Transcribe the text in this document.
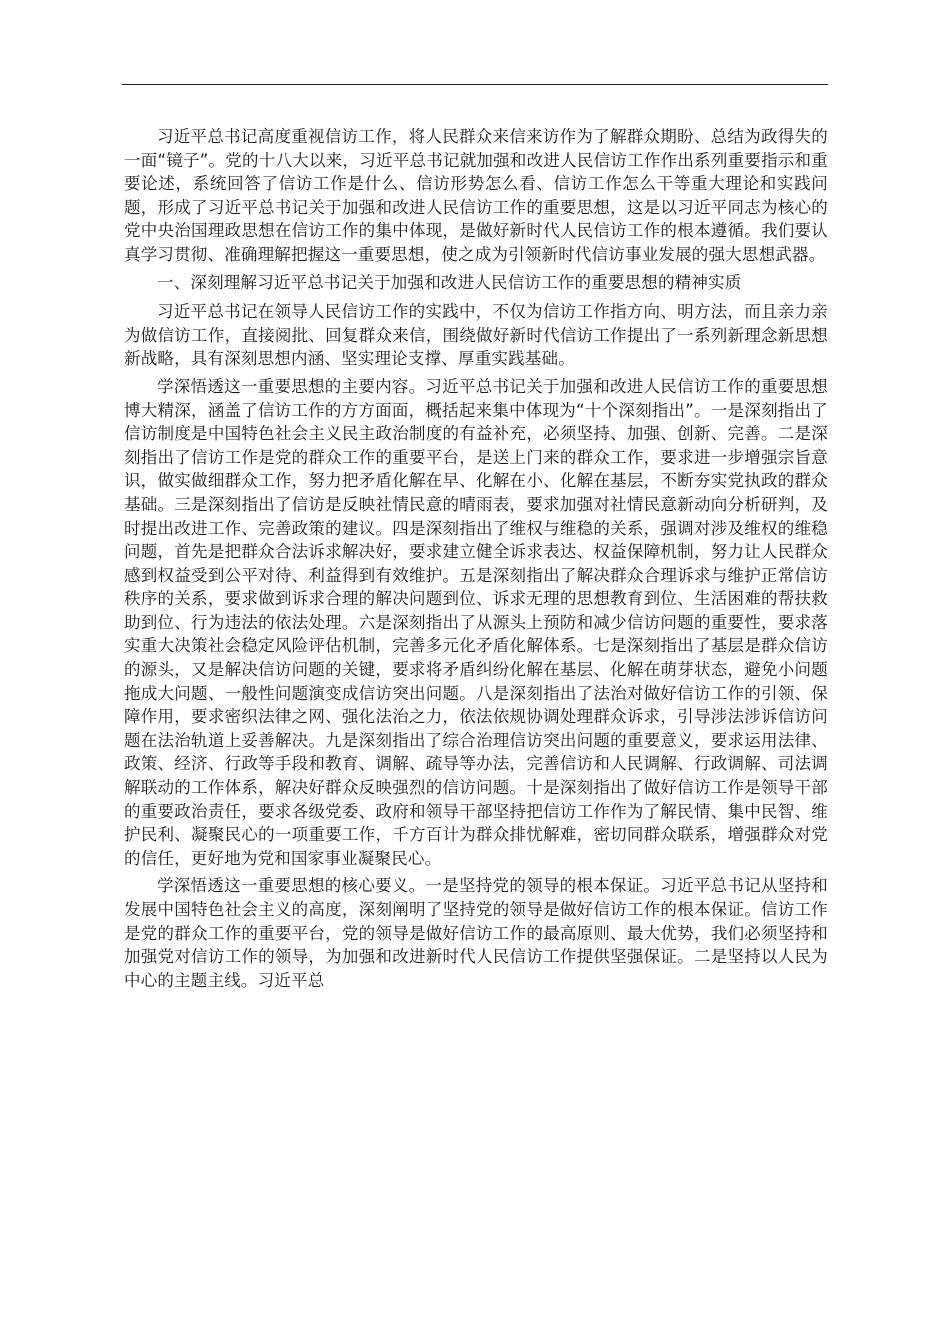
习近平总书记高度重视信访工作，将人民群众来信来访作为了解群众期盼、总结为政得失的一面“镜子”。党的十八大以来，习近平总书记就加强和改进人民信访工作作出系列重要指示和重要论述，系统回答了信访工作是什么、信访形势怎么看、信访工作怎么干等重大理论和实践问题，形成了习近平总书记关于加强和改进人民信访工作的重要思想，这是以习近平同志为核心的党中央治国理政思想在信访工作的集中体现，是做好新时代人民信访工作的根本遵循。我们要认真学习贯彻、准确理解把握这一重要思想，使之成为引领新时代信访事业发展的强大思想武器。

一、深刻理解习近平总书记关于加强和改进人民信访工作的重要思想的精神实质

习近平总书记在领导人民信访工作的实践中，不仅为信访工作指方向、明方法，而且亲力亲为做信访工作，直接阅批、回复群众来信，围绕做好新时代信访工作提出了一系列新理念新思想新战略，具有深刻思想内涵、坚实理论支撑、厚重实践基础。

学深悟透这一重要思想的主要内容。习近平总书记关于加强和改进人民信访工作的重要思想博大精深，涵盖了信访工作的方方面面，概括起来集中体现为“十个深刻指出”。一是深刻指出了信访制度是中国特色社会主义民主政治制度的有益补充，必须坚持、加强、创新、完善。二是深刻指出了信访工作是党的群众工作的重要平台，是送上门来的群众工作，要求进一步增强宗旨意识，做实做细群众工作，努力把矛盾化解在早、化解在小、化解在基层，不断夯实党执政的群众基础。三是深刻指出了信访是反映社情民意的晴雨表，要求加强对社情民意新动向分析研判，及时提出改进工作、完善政策的建议。四是深刻指出了维权与维稳的关系，强调对涉及维权的维稳问题，首先是把群众合法诉求解决好，要求建立健全诉求表达、权益保障机制，努力让人民群众感到权益受到公平对待、利益得到有效维护。五是深刻指出了解决群众合理诉求与维护正常信访秩序的关系，要求做到诉求合理的解决问题到位、诉求无理的思想教育到位、生活困难的帮扶救助到位、行为违法的依法处理。六是深刻指出了从源头上预防和减少信访问题的重要性，要求落实重大决策社会稳定风险评估机制，完善多元化矛盾化解体系。七是深刻指出了基层是群众信访的源头，又是解决信访问题的关键，要求将矛盾纠纷化解在基层、化解在萌芽状态，避免小问题拖成大问题、一般性问题演变成信访突出问题。八是深刻指出了法治对做好信访工作的引领、保障作用，要求密织法律之网、强化法治之力，依法依规协调处理群众诉求，引导涉法涉诉信访问题在法治轨道上妥善解决。九是深刻指出了综合治理信访突出问题的重要意义，要求运用法律、政策、经济、行政等手段和教育、调解、疏导等办法，完善信访和人民调解、行政调解、司法调解联动的工作体系，解决好群众反映强烈的信访问题。十是深刻指出了做好信访工作是领导干部的重要政治责任，要求各级党委、政府和领导干部坚持把信访工作作为了解民情、集中民智、维护民利、凝聚民心的一项重要工作，千方百计为群众排忧解难，密切同群众联系，增强群众对党的信任，更好地为党和国家事业凝聚民心。

学深悟透这一重要思想的核心要义。一是坚持党的领导的根本保证。习近平总书记从坚持和发展中国特色社会主义的高度，深刻阐明了坚持党的领导是做好信访工作的根本保证。信访工作是党的群众工作的重要平台，党的领导是做好信访工作的最高原则、最大优势，我们必须坚持和加强党对信访工作的领导，为加强和改进新时代人民信访工作提供坚强保证。二是坚持以人民为中心的主题主线。习近平总
